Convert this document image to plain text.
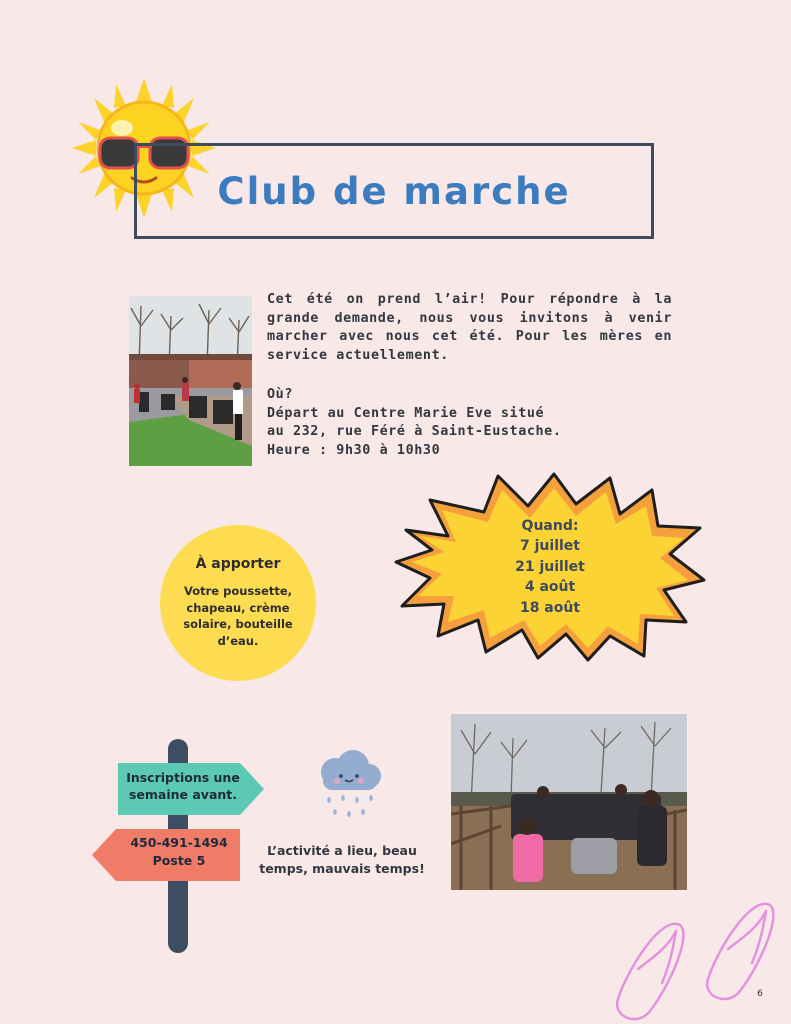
Club de marche
Cet été on prend l’air! Pour répondre à la grande demande, nous vous invitons à venir marcher avec nous cet été. Pour les mères en service actuellement.
Où?
Départ au Centre Marie Eve situé
au 232, rue Féré à Saint-Eustache.
Heure : 9h30 à 10h30
Quand:
7 juillet
21 juillet
4 août
18 août
À apporter
Votre poussette, chapeau, crème solaire, bouteille d’eau.
Inscriptions une semaine avant.
450-491-1494
Poste 5
L’activité a lieu, beau temps, mauvais temps!
6
